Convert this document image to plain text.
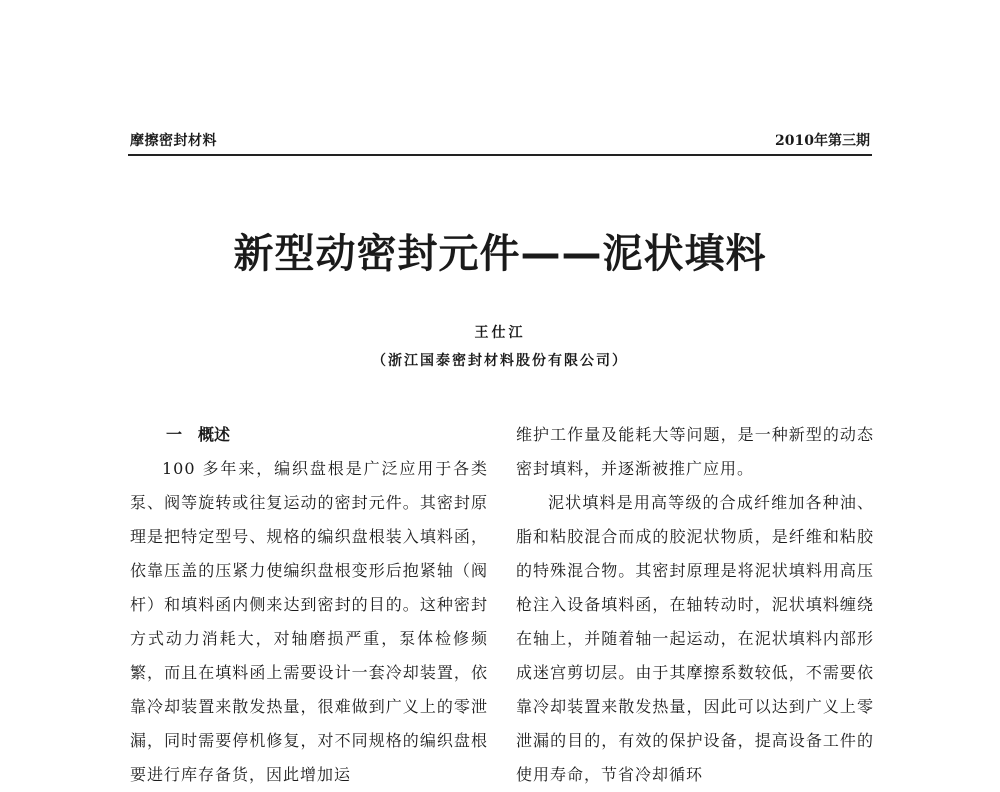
摩擦密封材料	2010年第三期
新型动密封元件——泥状填料
王仕江
（浙江国泰密封材料股份有限公司）

一　概述

100 多年来，编织盘根是广泛应用于各类泵、阀等旋转或往复运动的密封元件。其密封原理是把特定型号、规格的编织盘根装入填料函，依靠压盖的压紧力使编织盘根变形后抱紧轴（阀杆）和填料函内侧来达到密封的目的。这种密封方式动力消耗大，对轴磨损严重，泵体检修频繁，而且在填料函上需要设计一套冷却装置，依靠冷却装置来散发热量，很难做到广义上的零泄漏，同时需要停机修复，对不同规格的编织盘根要进行库存备货，因此增加运

维护工作量及能耗大等问题，是一种新型的动态密封填料，并逐渐被推广应用。

泥状填料是用高等级的合成纤维加各种油、脂和粘胶混合而成的胶泥状物质，是纤维和粘胶的特殊混合物。其密封原理是将泥状填料用高压枪注入设备填料函，在轴转动时，泥状填料缠绕在轴上，并随着轴一起运动，在泥状填料内部形成迷宫剪切层。由于其摩擦系数较低，不需要依靠冷却装置来散发热量，因此可以达到广义上零泄漏的目的，有效的保护设备，提高设备工件的使用寿命，节省冷却循环
